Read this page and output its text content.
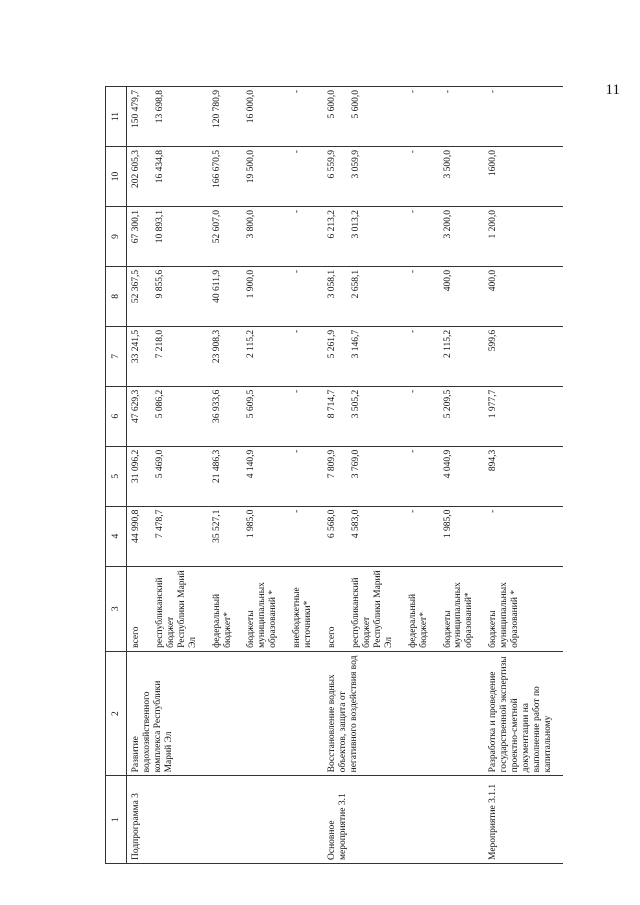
11
1	2	3	4	5	6	7	8	9	10	11
Подпрограмма 3	Развитие водохозяйственного комплекса Республики Марий Эл	всего	44 990,8	31 096,2	47 629,3	33 241,5	52 367,5	67 300,1	202 605,3	150 479,7
		республиканский бюджет Республики Марий Эл	7 478,7	5 469,0	5 086,2	7 218,0	9 855,6	10 893,1	16 434,8	13 698,8
		федеральный бюджет*	35 527,1	21 486,3	36 933,6	23 908,3	40 611,9	52 607,0	166 670,5	120 780,9
		бюджеты муниципальных образований *	1 985,0	4 140,9	5 609,5	2 115,2	1 900,0	3 800,0	19 500,0	16 000,0
		внебюджетные источники*	-	-	-	-	-	-	-	-
Основное мероприятие 3.1	Восстановление водных объектов, защита от негативного воздействия вод	всего	6 568,0	7 809,9	8 714,7	5 261,9	3 058,1	6 213,2	6 559,9	5 600,0
		республиканский бюджет Республики Марий Эл	4 583,0	3 769,0	3 505,2	3 146,7	2 658,1	3 013,2	3 059,9	5 600,0
		федеральный бюджет*	-	-	-	-	-	-	-	-
		бюджеты муниципальных образований*	1 985,0	4 040,9	5 209,5	2 115,2	400,0	3 200,0	3 500,0	-
Мероприятие 3.1.1	Разработка и проведение государственной экспертизы проектно-сметной документации на выполнение работ по капитальному	бюджеты муниципальных образований *	-	894,3	1 977,7	599,6	400,0	1 200,0	1600,0	-
